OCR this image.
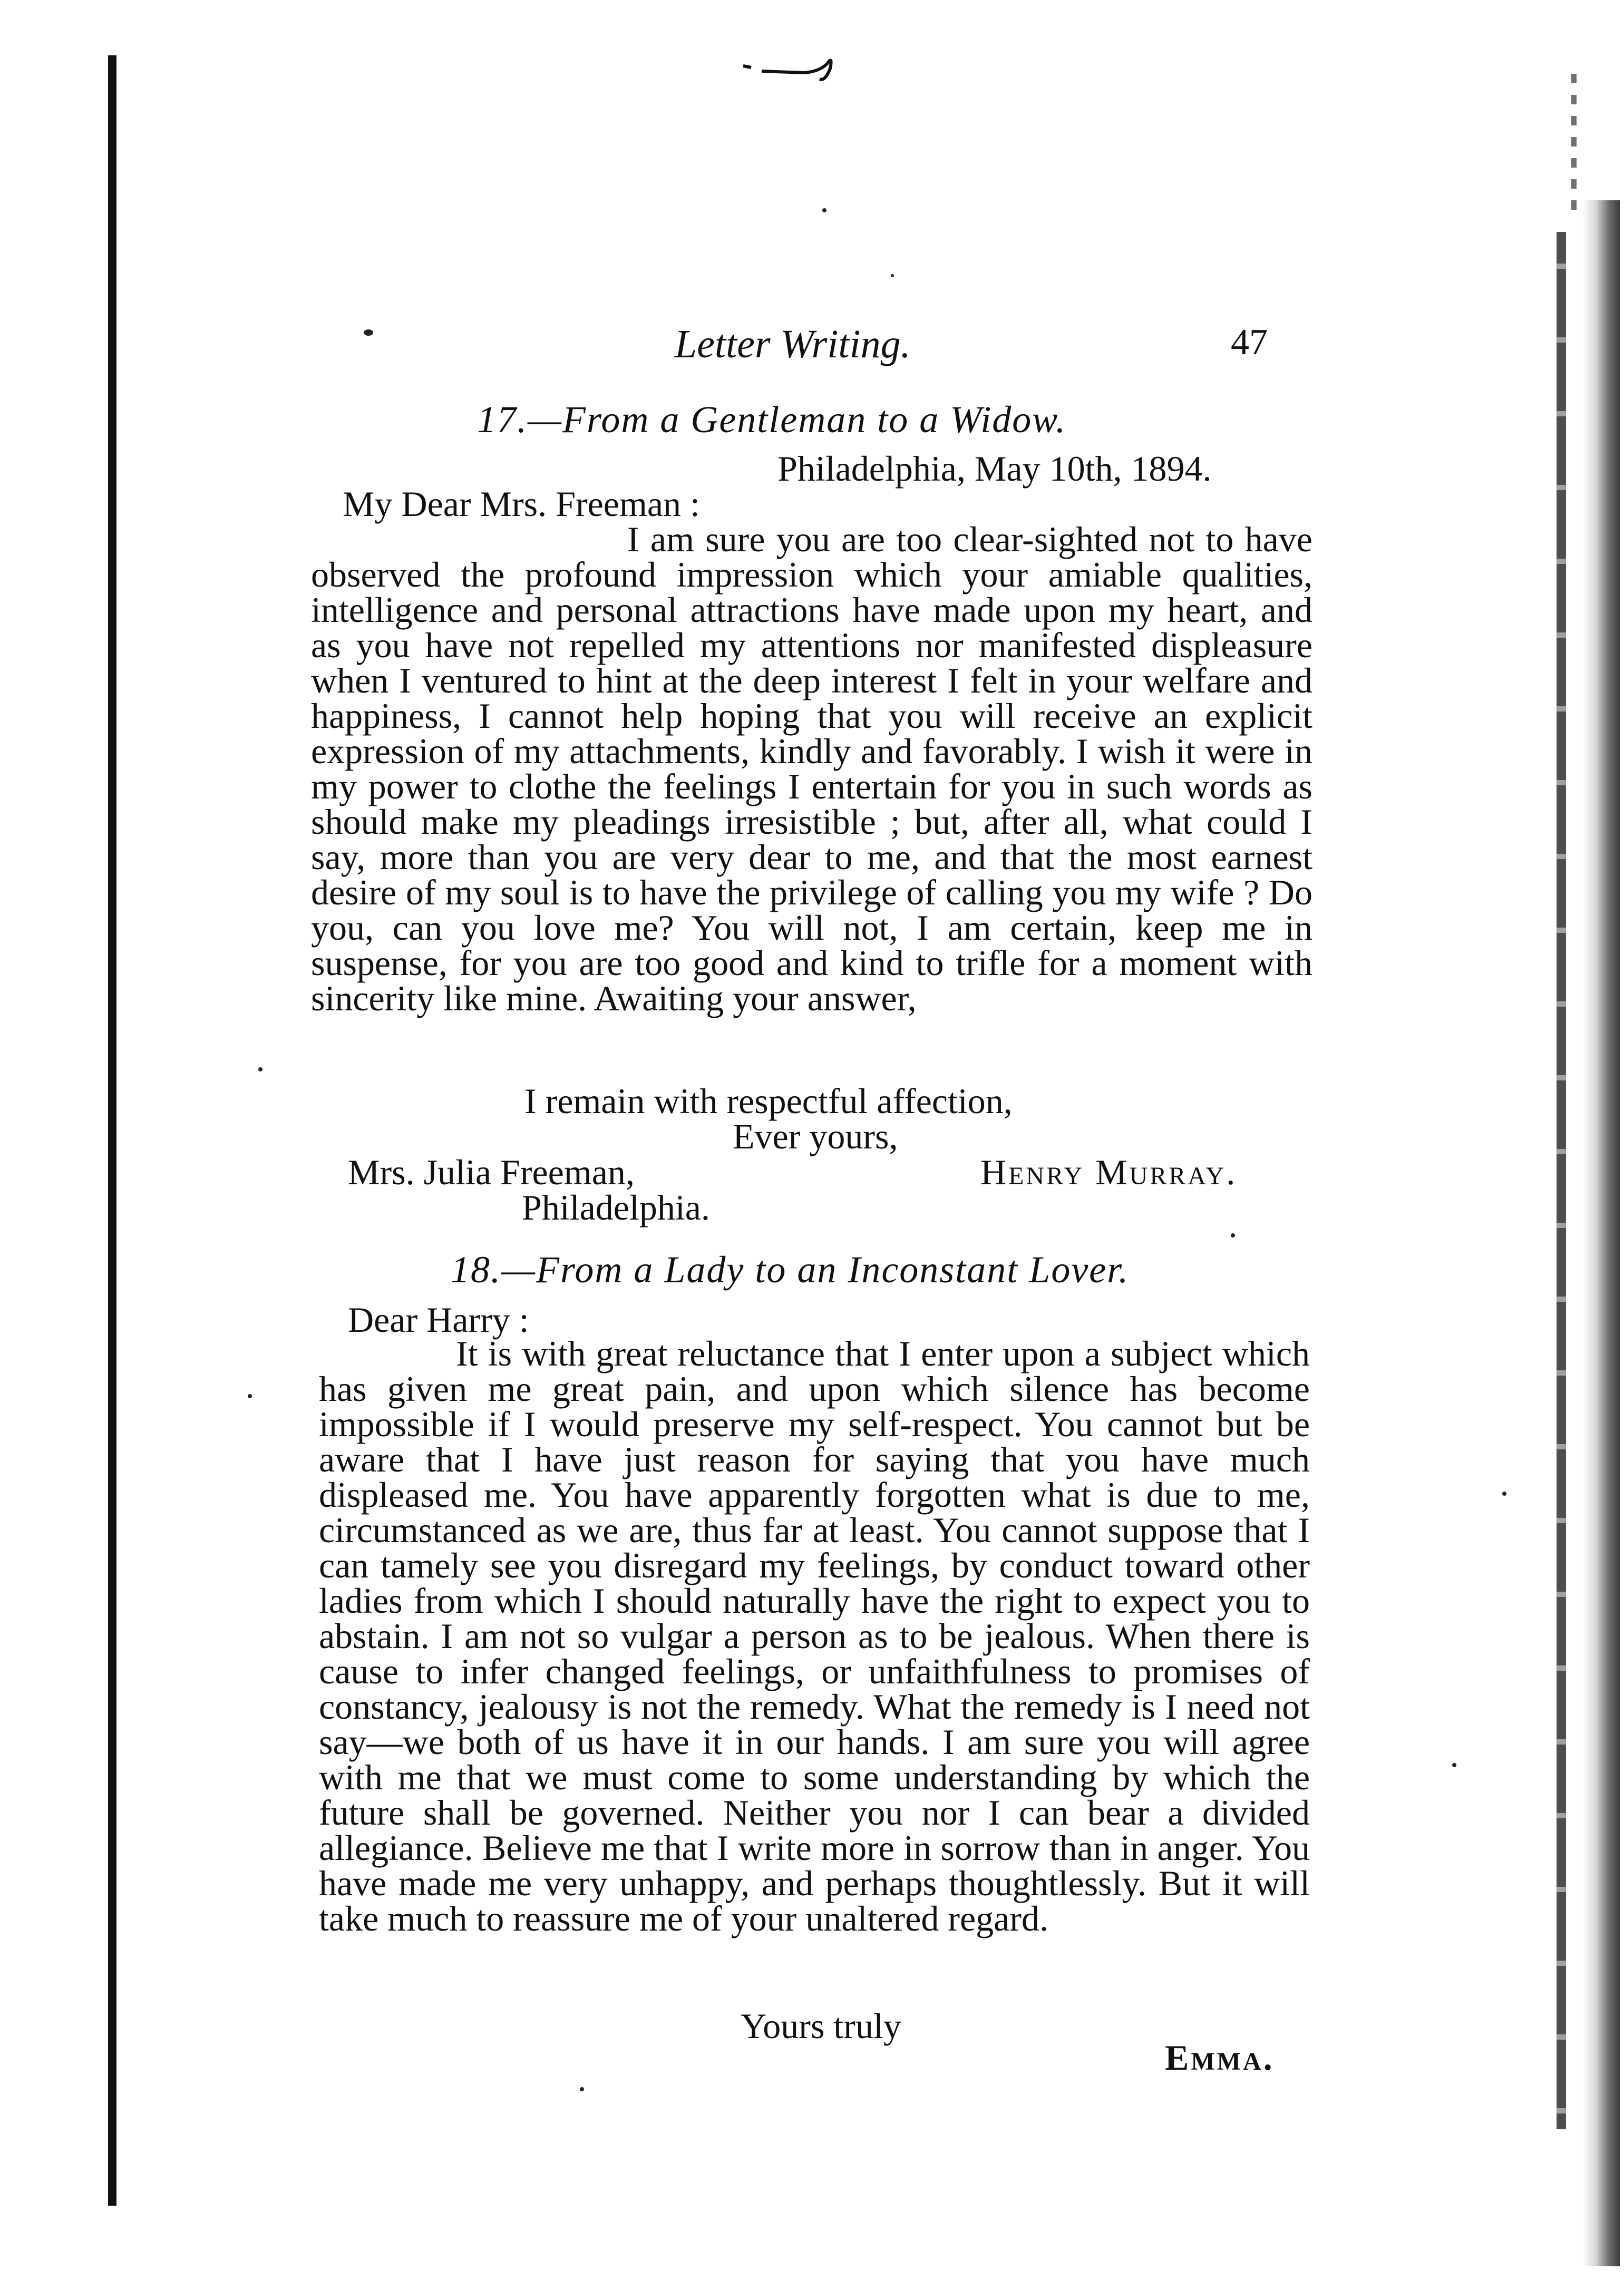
Letter Writing.	47
17.—From a Gentleman to a Widow.
Philadelphia, May 10th, 1894.
My Dear Mrs. Freeman :

I am sure you are too clear-sighted not to have observed the profound impression which your amiable qualities, intelligence and personal attractions have made upon my heart, and as you have not repelled my attentions nor manifested displeasure when I ventured to hint at the deep interest I felt in your welfare and happiness, I cannot help hoping that you will receive an explicit expression of my attachments, kindly and favorably. I wish it were in my power to clothe the feelings I entertain for you in such words as should make my pleadings irresistible ; but, after all, what could I say, more than you are very dear to me, and that the most earnest desire of my soul is to have the privilege of calling you my wife ? Do you, can you love me? You will not, I am certain, keep me in suspense, for you are too good and kind to trifle for a moment with sincerity like mine. Awaiting your answer,

I remain with respectful affection,
Ever yours,
Mrs. Julia Freeman,	Henry Murray.
Philadelphia.
18.—From a Lady to an Inconstant Lover.
Dear Harry :

It is with great reluctance that I enter upon a subject which has given me great pain, and upon which silence has become impossible if I would preserve my self-respect. You cannot but be aware that I have just reason for saying that you have much displeased me. You have apparently forgotten what is due to me, circumstanced as we are, thus far at least. You cannot suppose that I can tamely see you disregard my feelings, by conduct toward other ladies from which I should naturally have the right to expect you to abstain. I am not so vulgar a person as to be jealous. When there is cause to infer changed feelings, or unfaithfulness to promises of constancy, jealousy is not the remedy. What the remedy is I need not say—we both of us have it in our hands. I am sure you will agree with me that we must come to some understanding by which the future shall be governed. Neither you nor I can bear a divided allegiance. Believe me that I write more in sorrow than in anger. You have made me very unhappy, and perhaps thoughtlessly. But it will take much to reassure me of your unaltered regard.

Yours truly
Emma.
